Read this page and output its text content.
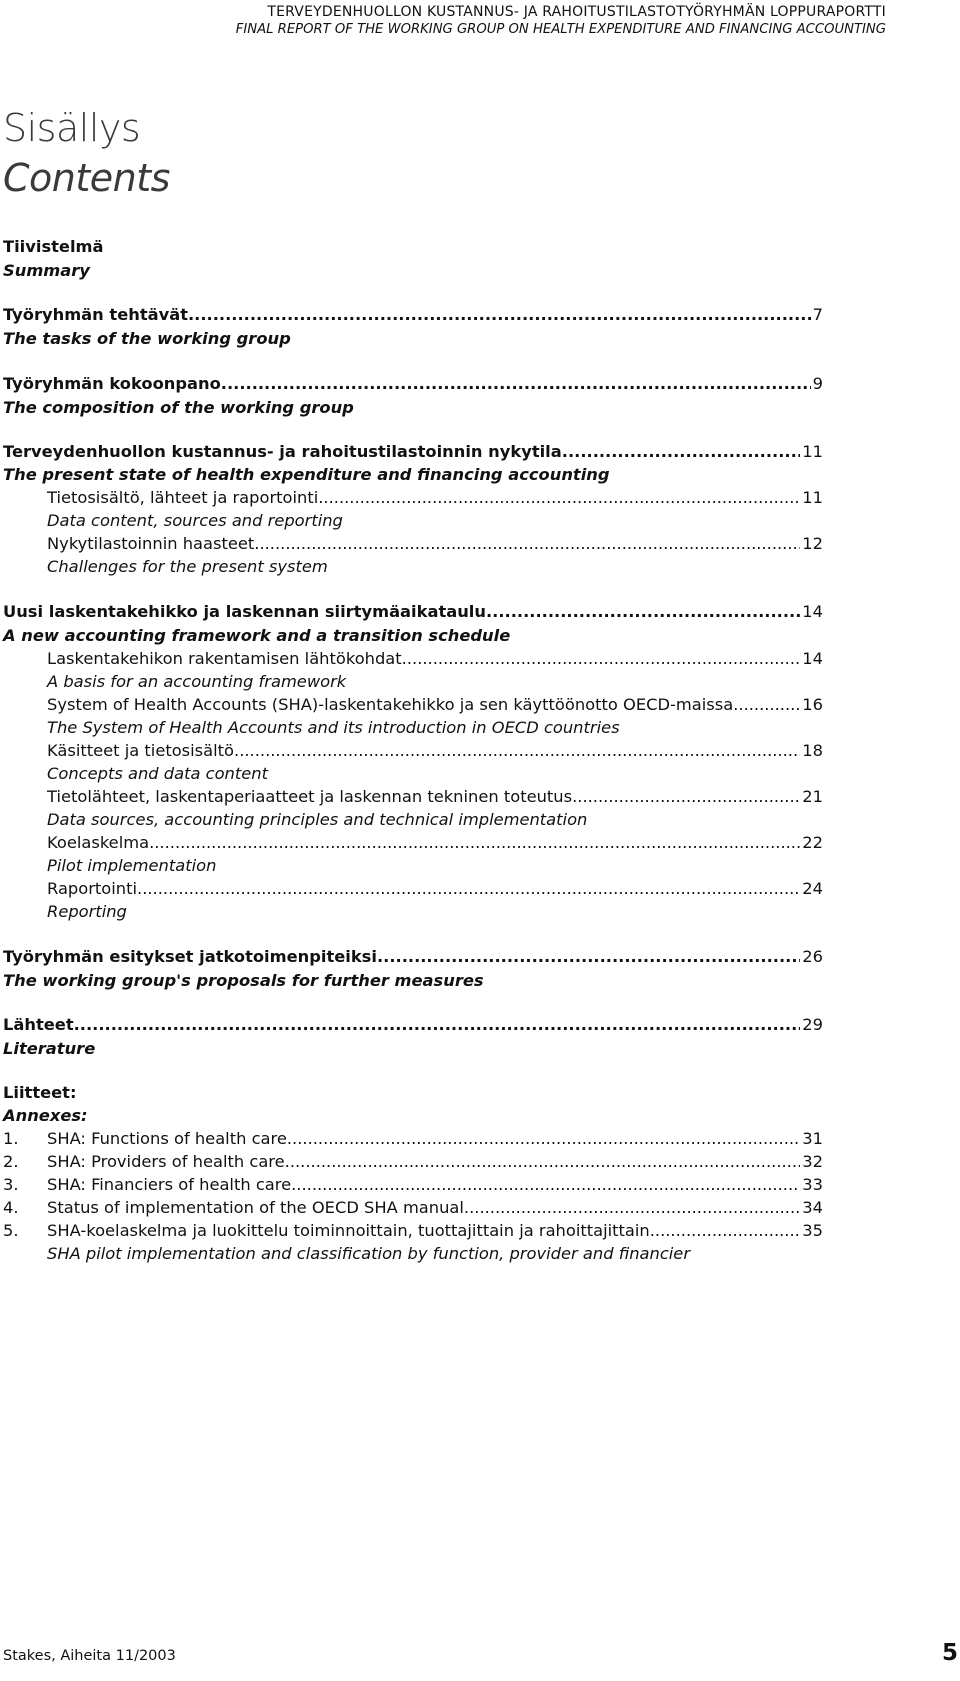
TERVEYDENHUOLLON KUSTANNUS- JA RAHOITUSTILASTOTYÖRYHMÄN LOPPURAPORTTI
FINAL REPORT OF THE WORKING GROUP ON HEALTH EXPENDITURE AND FINANCING ACCOUNTING
Sisällys
Contents
Tiivistelmä
Summary
Työryhmän tehtävät .....	7
The tasks of the working group
Työryhmän kokoonpano .....	9
The composition of the working group
Terveydenhuollon kustannus- ja rahoitustilastoinnin nykytila .....	11
The present state of health expenditure and financing accounting
Tietosisältö, lähteet ja raportointi .....	11
Data content, sources and reporting
Nykytilastoinnin haasteet .....	12
Challenges for the present system
Uusi laskentakehikko ja laskennan siirtymäaikataulu .....	14
A new accounting framework and a transition schedule
Laskentakehikon rakentamisen lähtökohdat .....	14
A basis for an accounting framework
System of Health Accounts (SHA)-laskentakehikko ja sen käyttöönotto OECD-maissa .....	16
The System of Health Accounts and its introduction in OECD countries
Käsitteet ja tietosisältö .....	18
Concepts and data content
Tietolähteet, laskentaperiaatteet ja laskennan tekninen toteutus .....	21
Data sources, accounting principles and technical implementation
Koelaskelma .....	22
Pilot implementation
Raportointi .....	24
Reporting
Työryhmän esitykset jatkotoimenpiteiksi .....	26
The working group's proposals for further measures
Lähteet .....	29
Literature
Liitteet:
Annexes:
1.	SHA: Functions of health care .....	31
2.	SHA: Providers of health care .....	32
3.	SHA: Financiers of health care .....	33
4.	Status of implementation of the OECD SHA manual .....	34
5.	SHA-koelaskelma ja luokittelu toiminnoittain, tuottajittain ja rahoittajittain .....	35
SHA pilot implementation and classification by function, provider and financier
Stakes, Aiheita 11/2003	5
